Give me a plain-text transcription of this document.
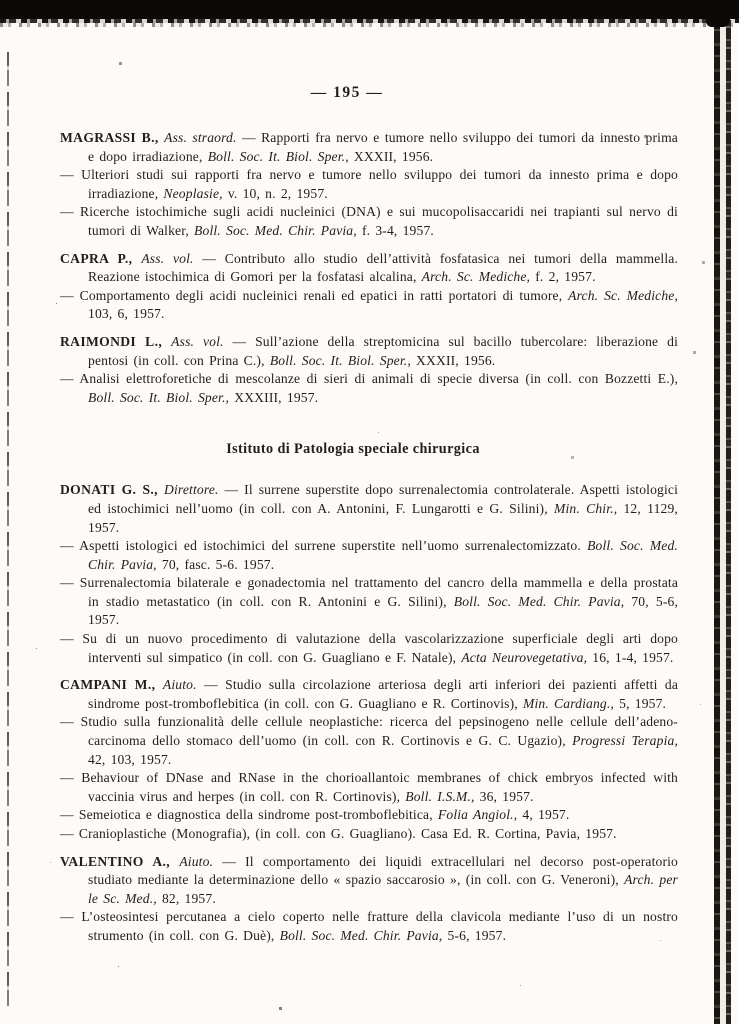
— 195 —

MAGRASSI B., Ass. straord. — Rapporti fra nervo e tumore nello sviluppo dei tumori da innesto prima e dopo irradiazione, Boll. Soc. It. Biol. Sper., XXXII, 1956.

— Ulteriori studi sui rapporti fra nervo e tumore nello sviluppo dei tumori da innesto prima e dopo irradiazione, Neoplasie, v. 10, n. 2, 1957.

— Ricerche istochimiche sugli acidi nucleinici (DNA) e sui mucopolisaccaridi nei trapianti sul nervo di tumori di Walker, Boll. Soc. Med. Chir. Pavia, f. 3-4, 1957.

CAPRA P., Ass. vol. — Contributo allo studio dell’attività fosfatasica nei tumori della mammella. Reazione istochimica di Gomori per la fosfatasi alcalina, Arch. Sc. Mediche, f. 2, 1957.

— Comportamento degli acidi nucleinici renali ed epatici in ratti portatori di tumore, Arch. Sc. Mediche, 103, 6, 1957.

RAIMONDI L., Ass. vol. — Sull’azione della streptomicina sul bacillo tubercolare: liberazione di pentosi (in coll. con Prina C.), Boll. Soc. It. Biol. Sper., XXXII, 1956.

— Analisi elettroforetiche di mescolanze di sieri di animali di specie diversa (in coll. con Bozzetti E.), Boll. Soc. It. Biol. Sper., XXXIII, 1957.

Istituto di Patologia speciale chirurgica

DONATI G. S., Direttore. — Il surrene superstite dopo surrenalectomia controlaterale. Aspetti istologici ed istochimici nell’uomo (in coll. con A. Antonini, F. Lungarotti e G. Silini), Min. Chir., 12, 1129, 1957.

— Aspetti istologici ed istochimici del surrene superstite nell’uomo surrenalectomizzato. Boll. Soc. Med. Chir. Pavia, 70, fasc. 5-6. 1957.

— Surrenalectomia bilaterale e gonadectomia nel trattamento del cancro della mammella e della prostata in stadio metastatico (in coll. con R. Antonini e G. Silini), Boll. Soc. Med. Chir. Pavia, 70, 5-6, 1957.

— Su di un nuovo procedimento di valutazione della vascolarizzazione superficiale degli arti dopo interventi sul simpatico (in coll. con G. Guagliano e F. Natale), Acta Neurovegetativa, 16, 1-4, 1957.

CAMPANI M., Aiuto. — Studio sulla circolazione arteriosa degli arti inferiori dei pazienti affetti da sindrome post-tromboflebitica (in coll. con G. Guagliano e R. Cortinovis), Min. Cardiang., 5, 1957.

— Studio sulla funzionalità delle cellule neoplastiche: ricerca del pepsinogeno nelle cellule dell’adeno-carcinoma dello stomaco dell’uomo (in coll. con R. Cortinovis e G. C. Ugazio), Progressi Terapia, 42, 103, 1957.

— Behaviour of DNase and RNase in the chorioallantoic membranes of chick embryos infected with vaccinia virus and herpes (in coll. con R. Cortinovis), Boll. I.S.M., 36, 1957.

— Semeiotica e diagnostica della sindrome post-tromboflebitica, Folia Angiol., 4, 1957.

— Cranioplastiche (Monografia), (in coll. con G. Guagliano). Casa Ed. R. Cortina, Pavia, 1957.

VALENTINO A., Aiuto. — Il comportamento dei liquidi extracellulari nel decorso post-operatorio studiato mediante la determinazione dello « spazio saccarosio », (in coll. con G. Veneroni), Arch. per le Sc. Med., 82, 1957.

— L’osteosintesi percutanea a cielo coperto nelle fratture della clavicola mediante l’uso di un nostro strumento (in coll. con G. Duè), Boll. Soc. Med. Chir. Pavia, 5-6, 1957.
